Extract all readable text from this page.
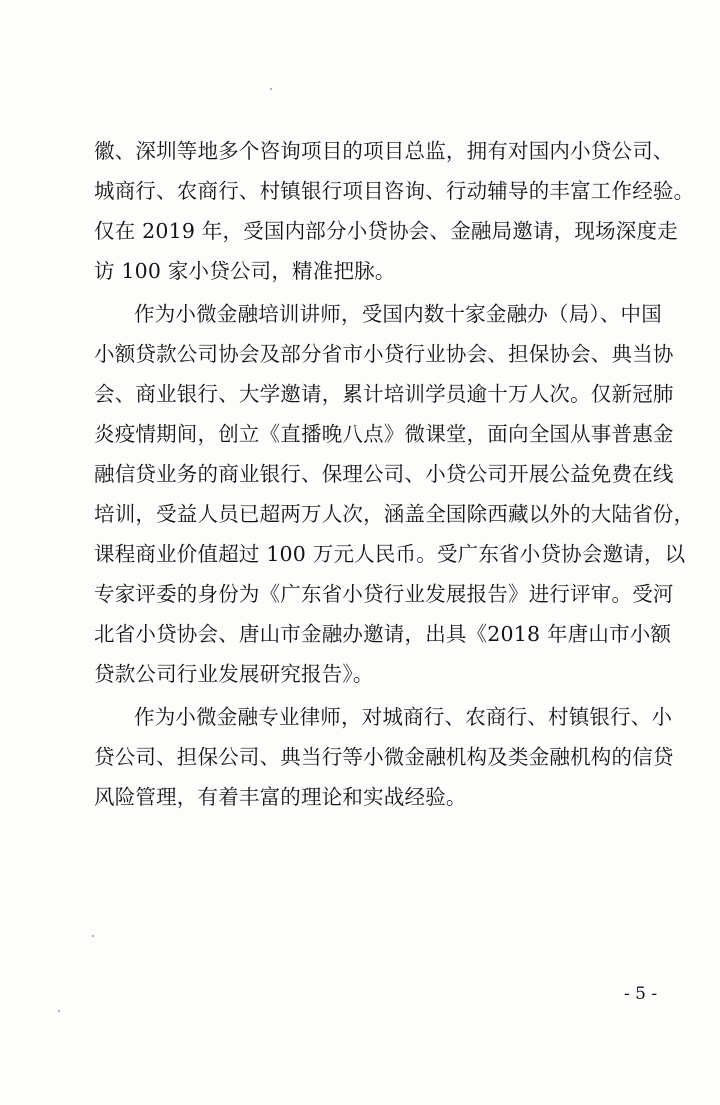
徽、深圳等地多个咨询项目的项目总监，拥有对国内小贷公司、
城商行、农商行、村镇银行项目咨询、行动辅导的丰富工作经验。
仅在 2019 年，受国内部分小贷协会、金融局邀请，现场深度走
访 100 家小贷公司，精准把脉。
作为小微金融培训讲师，受国内数十家金融办（局）、中国
小额贷款公司协会及部分省市小贷行业协会、担保协会、典当协
会、商业银行、大学邀请，累计培训学员逾十万人次。仅新冠肺
炎疫情期间，创立《直播晚八点》微课堂，面向全国从事普惠金
融信贷业务的商业银行、保理公司、小贷公司开展公益免费在线
培训，受益人员已超两万人次，涵盖全国除西藏以外的大陆省份，
课程商业价值超过 100 万元人民币。受广东省小贷协会邀请，以
专家评委的身份为《广东省小贷行业发展报告》进行评审。受河
北省小贷协会、唐山市金融办邀请，出具《2018 年唐山市小额
贷款公司行业发展研究报告》。
作为小微金融专业律师，对城商行、农商行、村镇银行、小
贷公司、担保公司、典当行等小微金融机构及类金融机构的信贷
风险管理，有着丰富的理论和实战经验。
- 5 -
